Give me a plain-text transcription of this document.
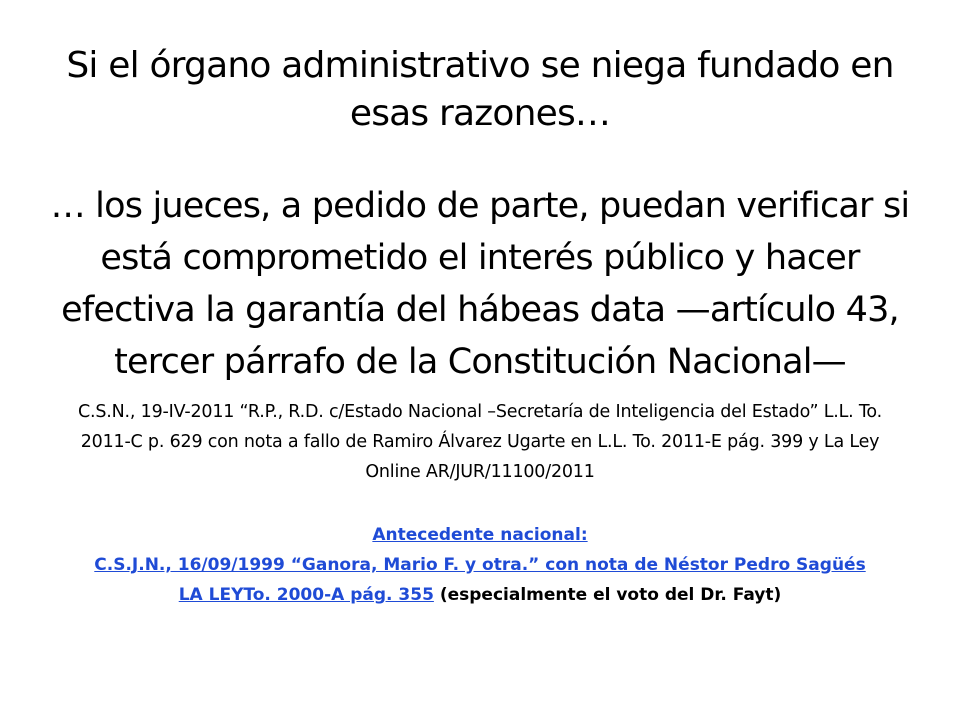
Si el órgano administrativo se niega fundado en esas razones…

… los jueces, a pedido de parte, puedan verificar si está comprometido el interés público y hacer efectiva la garantía del hábeas data —artículo 43, tercer párrafo de la Constitución Nacional—

C.S.N., 19-IV-2011 “R.P., R.D. c/Estado Nacional –Secretaría de Inteligencia del Estado” L.L. To. 2011-C p. 629 con nota a fallo de Ramiro Álvarez Ugarte en L.L. To. 2011-E pág. 399 y La Ley Online AR/JUR/11100/2011

Antecedente nacional:
C.S.J.N., 16/09/1999 “Ganora, Mario F. y otra.” con nota de Néstor Pedro Sagüés
LA LEYTo. 2000-A pág. 355 (especialmente el voto del Dr. Fayt)
